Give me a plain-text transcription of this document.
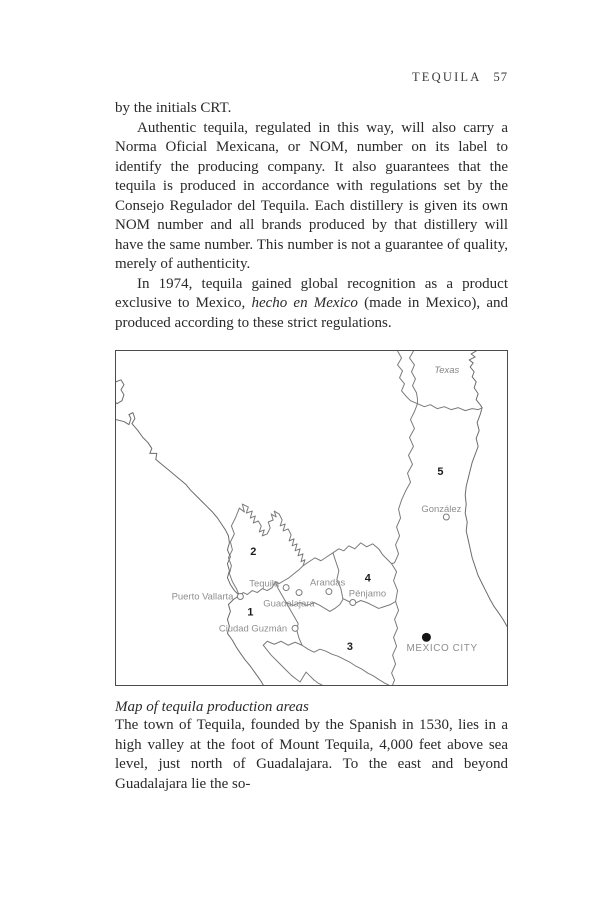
TEQUILA 57

by the initials CRT.

Authentic tequila, regulated in this way, will also carry a Norma Oficial Mexicana, or NOM, number on its label to identify the producing company. It also guarantees that the tequila is produced in accordance with regulations set by the Consejo Regulador del Tequila. Each distillery is given its own NOM number and all brands produced by that distillery will have the same number. This number is not a guarantee of quality, merely of authenticity.

In 1974, tequila gained global recognition as a product exclusive to Mexico, hecho en Mexico (made in Mexico), and produced according to these strict regulations.

Texas
Puerto Vallarta
Tequila
Guadalajara
Arandas
Pénjamo
Ciudad Guzmán
González
MEXICO CITY
1
2
3
4
5

Map of tequila production areas

The town of Tequila, founded by the Spanish in 1530, lies in a high valley at the foot of Mount Tequila, 4,000 feet above sea level, just north of Guadalajara. To the east and beyond Guadalajara lie the so-
